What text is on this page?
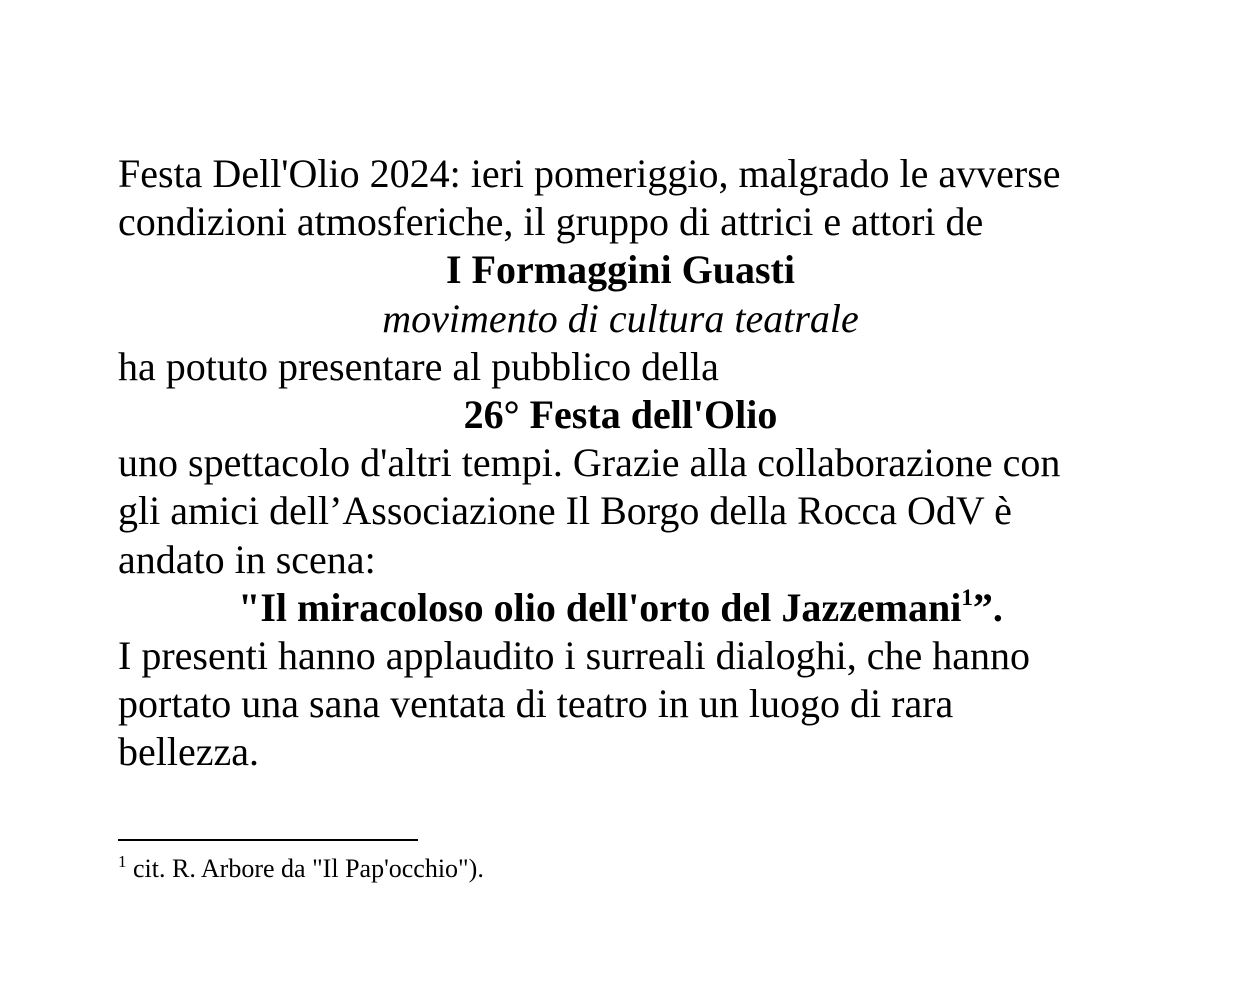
Festa Dell'Olio 2024: ieri pomeriggio, malgrado le avverse

condizioni atmosferiche, il gruppo di attrici e attori de

I Formaggini Guasti

movimento di cultura teatrale

ha potuto presentare al pubblico della

26° Festa dell'Olio

uno spettacolo d'altri tempi. Grazie alla collaborazione con

gli amici dell’Associazione Il Borgo della Rocca OdV è

andato in scena:

"Il miracoloso olio dell'orto del Jazzemani$^1$”.

I presenti hanno applaudito i surreali dialoghi, che hanno

portato una sana ventata di teatro in un luogo di rara

bellezza.

$^1$ cit. R. Arbore da "Il Pap'occhio").
